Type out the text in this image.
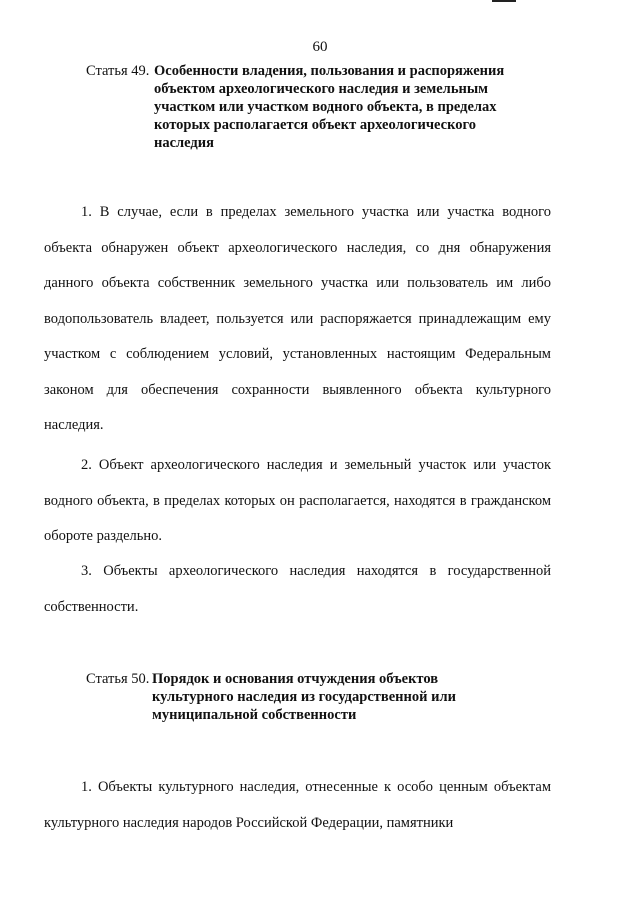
60
Статья 49. Особенности владения, пользования и распоряжения
объектом археологического наследия и земельным
участком или участком водного объекта, в пределах
которых располагается объект археологического
наследия

1. В случае, если в пределах земельного участка или участка водного объекта обнаружен объект археологического наследия, со дня обнаружения данного объекта собственник земельного участка или пользователь им либо водопользователь владеет, пользуется или распоряжается принадлежащим ему участком с соблюдением условий, установленных настоящим Федеральным законом для обеспечения сохранности выявленного объекта культурного наследия.

2. Объект археологического наследия и земельный участок или участок водного объекта, в пределах которых он располагается, находятся в гражданском обороте раздельно.

3. Объекты археологического наследия находятся в государственной собственности.

Статья 50. Порядок и основания отчуждения объектов
культурного наследия из государственной или
муниципальной собственности

1. Объекты культурного наследия, отнесенные к особо ценным объектам культурного наследия народов Российской Федерации, памятники
